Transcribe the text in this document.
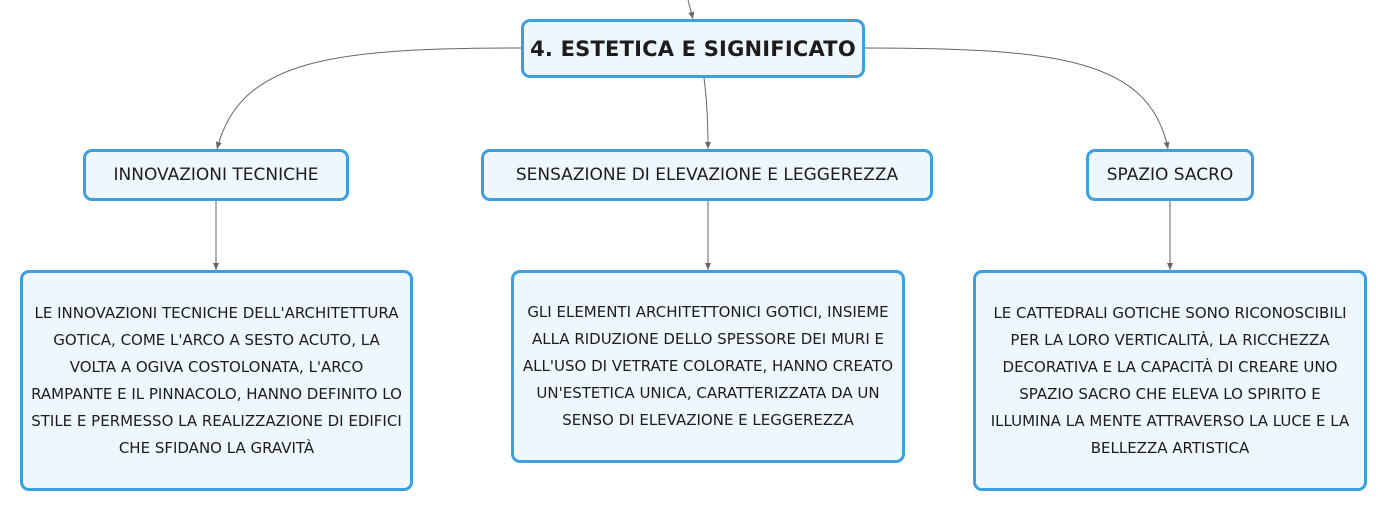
4. ESTETICA E SIGNIFICATO
INNOVAZIONI TECNICHE	SENSAZIONE DI ELEVAZIONE E LEGGEREZZA	SPAZIO SACRO
LE INNOVAZIONI TECNICHE DELL'ARCHITETTURA GOTICA, COME L'ARCO A SESTO ACUTO, LA VOLTA A OGIVA COSTOLONATA, L'ARCO RAMPANTE E IL PINNACOLO, HANNO DEFINITO LO STILE E PERMESSO LA REALIZZAZIONE DI EDIFICI CHE SFIDANO LA GRAVITÀ
GLI ELEMENTI ARCHITETTONICI GOTICI, INSIEME ALLA RIDUZIONE DELLO SPESSORE DEI MURI E ALL'USO DI VETRATE COLORATE, HANNO CREATO UN'ESTETICA UNICA, CARATTERIZZATA DA UN SENSO DI ELEVAZIONE E LEGGEREZZA
LE CATTEDRALI GOTICHE SONO RICONOSCIBILI PER LA LORO VERTICALITÀ, LA RICCHEZZA DECORATIVA E LA CAPACITÀ DI CREARE UNO SPAZIO SACRO CHE ELEVA LO SPIRITO E ILLUMINA LA MENTE ATTRAVERSO LA LUCE E LA BELLEZZA ARTISTICA
